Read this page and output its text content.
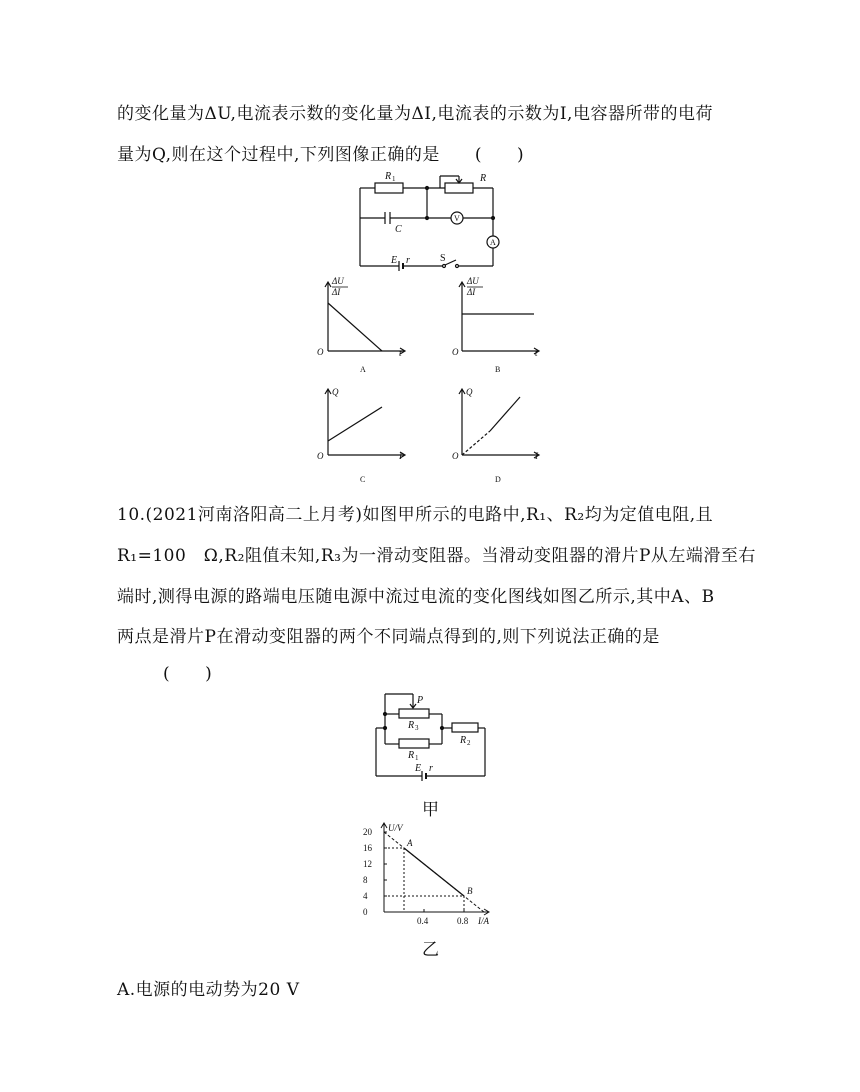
的变化量为ΔU,电流表示数的变化量为ΔI,电流表的示数为I,电容器所带的电荷
量为Q,则在这个过程中,下列图像正确的是　　(　　)
R 1	R
C
V
A
E r	S
ΔU
ΔI
O	t
A
ΔU
ΔI
O	t
B
Q
O	I
C
Q
O	I
D
10.(2021河南洛阳高二上月考)如图甲所示的电路中,R₁、R₂均为定值电阻,且
R₁=100　Ω,R₂阻值未知,R₃为一滑动变阻器。当滑动变阻器的滑片P从左端滑至右
端时,测得电源的路端电压随电源中流过电流的变化图线如图乙所示,其中A、B
两点是滑片P在滑动变阻器的两个不同端点得到的,则下列说法正确的是
(　　)
P
R 3
R 1
R 2
E r
甲
20
16
12
8
4
0
0.4	0.8
A
B
U/V
I/A
乙
A.电源的电动势为20 V
